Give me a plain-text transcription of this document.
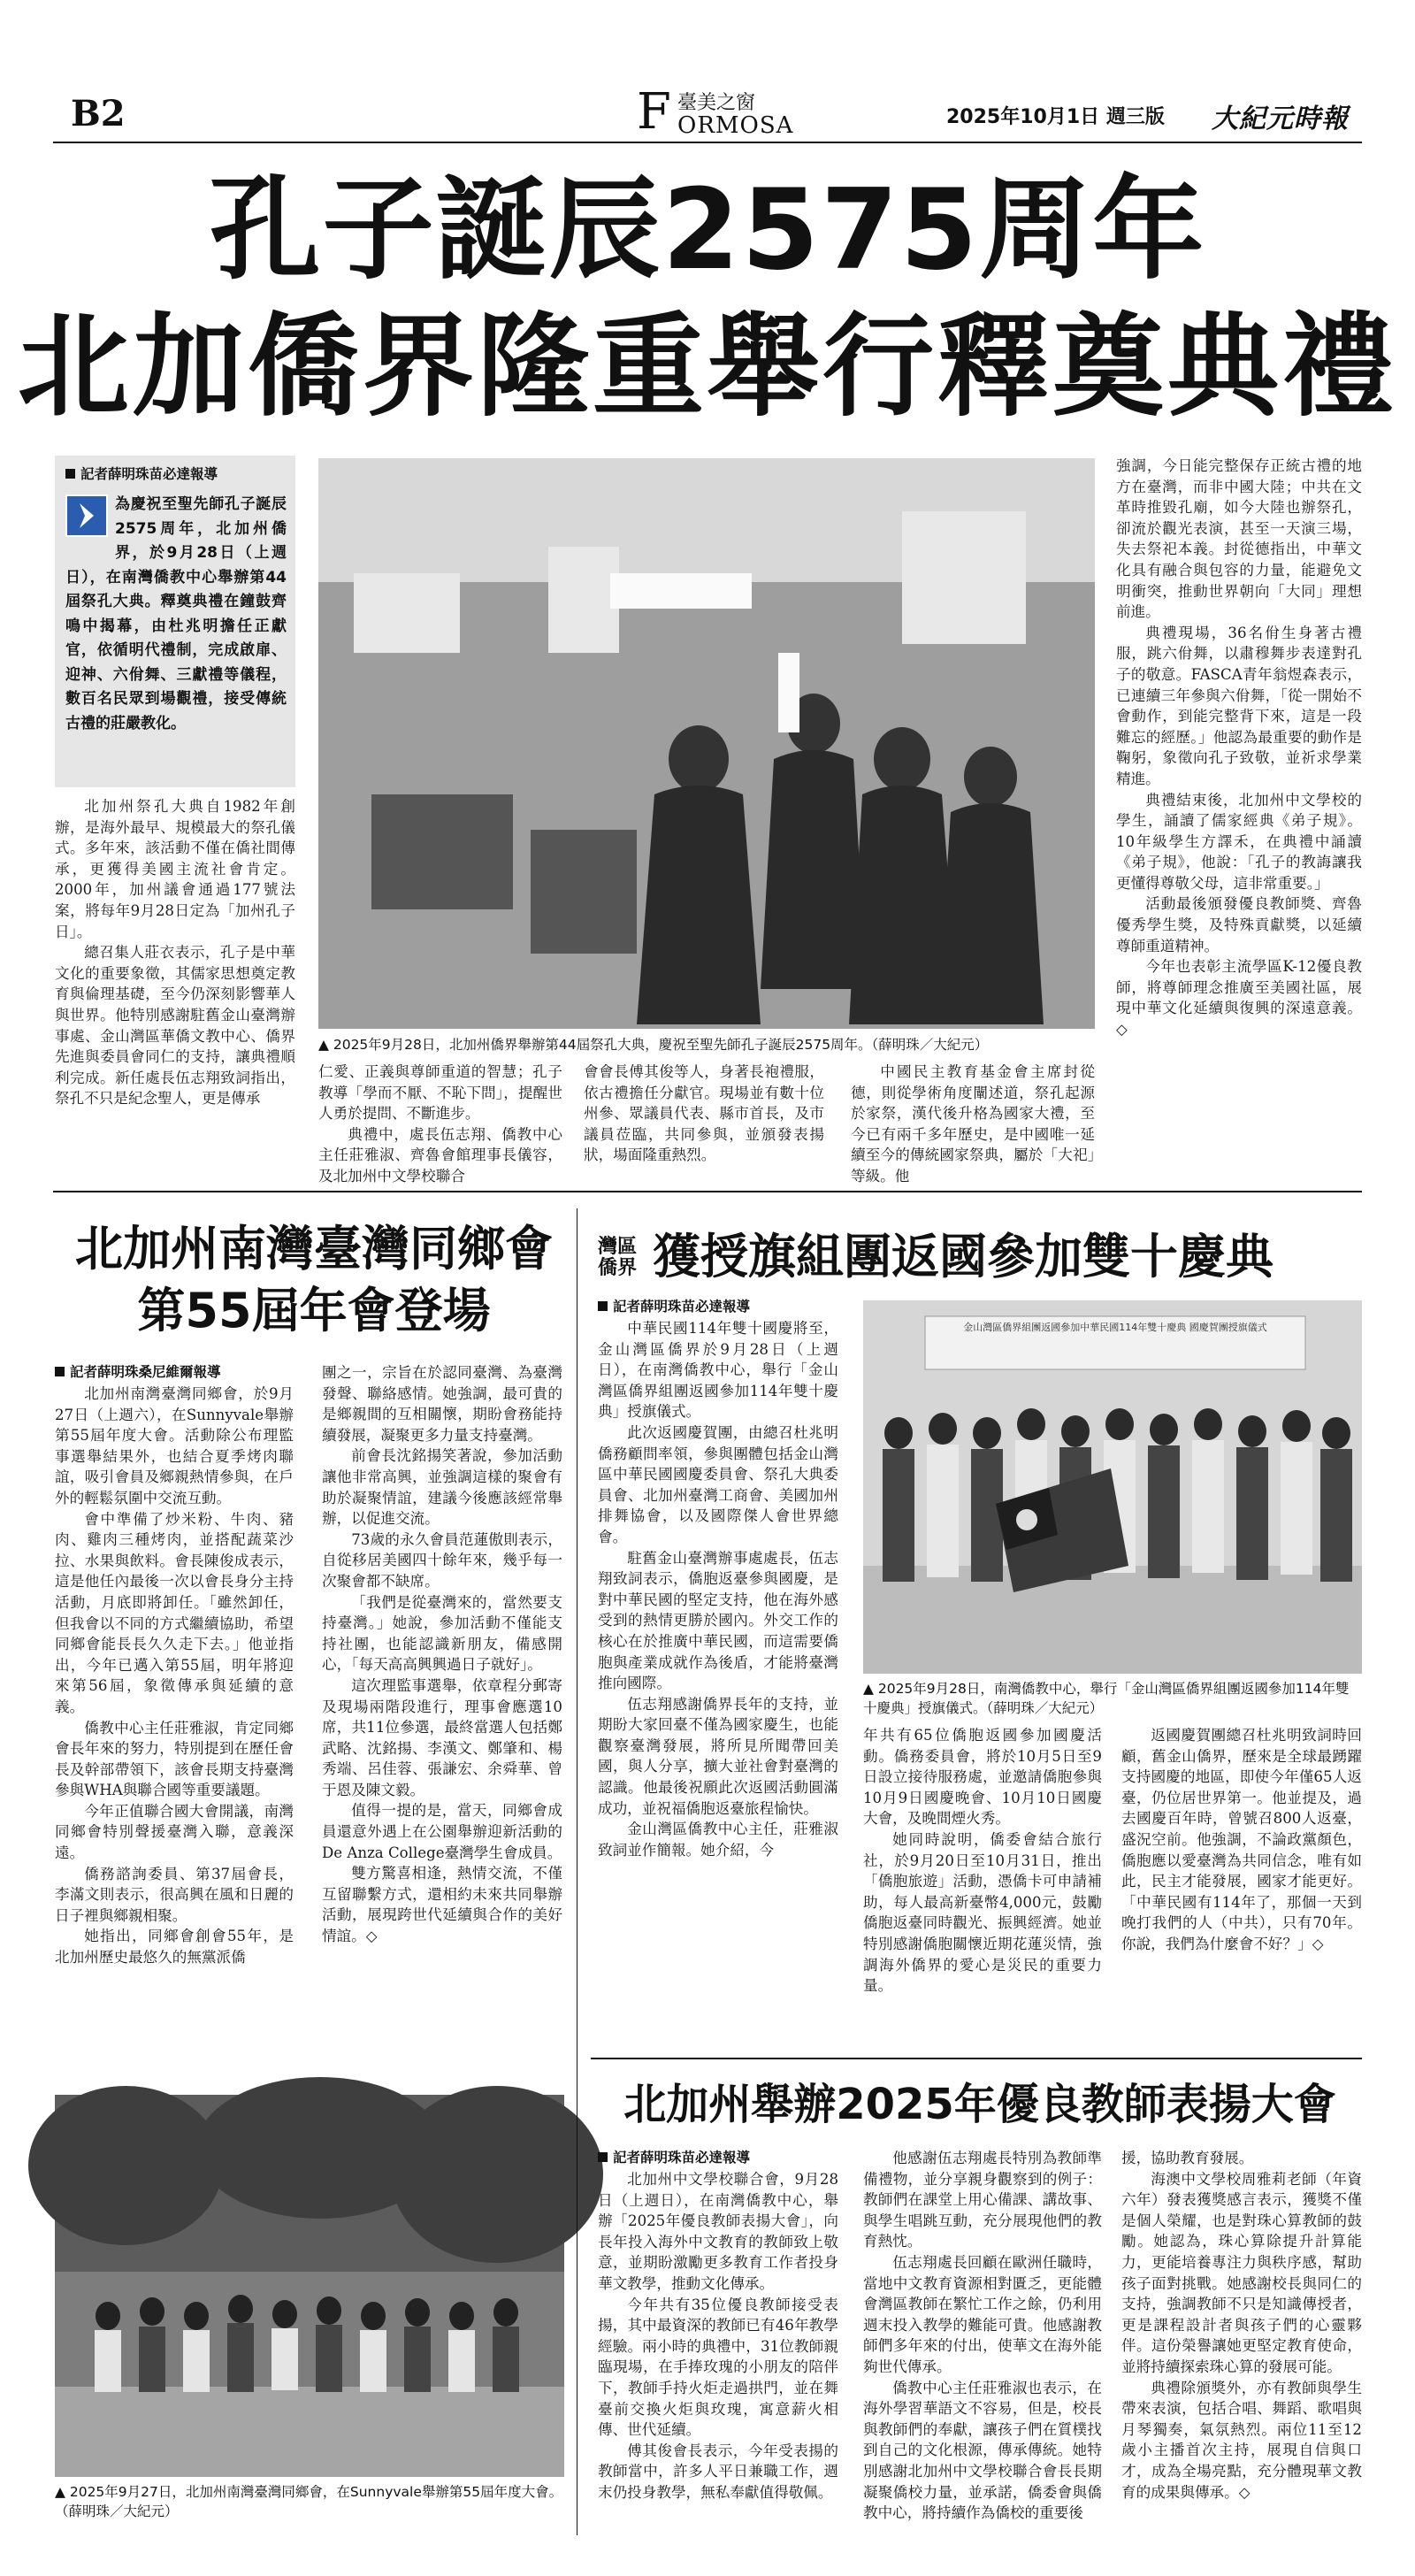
B2	F 臺美之窗
ORMOSA	2025年10月1日 週三版 大紀元時報
孔子誕辰2575周年
北加僑界隆重舉行釋奠典禮
記者薛明珠苗必達報導
為慶祝至聖先師孔子誕辰2575周年，北加州僑界，於9月28日（上週日），在南灣僑教中心舉辦第44屆祭孔大典。釋奠典禮在鐘鼓齊鳴中揭幕，由杜兆明擔任正獻官，依循明代禮制，完成啟扉、迎神、六佾舞、三獻禮等儀程，數百名民眾到場觀禮，接受傳統古禮的莊嚴教化。

北加州祭孔大典自1982年創辦，是海外最早、規模最大的祭孔儀式。多年來，該活動不僅在僑社間傳承，更獲得美國主流社會肯定。2000年，加州議會通過177號法案，將每年9月28日定為「加州孔子日」。

總召集人莊衣表示，孔子是中華文化的重要象徵，其儒家思想奠定教育與倫理基礎，至今仍深刻影響華人與世界。他特別感謝駐舊金山臺灣辦事處、金山灣區華僑文教中心、僑界先進與委員會同仁的支持，讓典禮順利完成。新任處長伍志翔致詞指出，祭孔不只是紀念聖人，更是傳承

▲ 2025年9月28日，北加州僑界舉辦第44屆祭孔大典，慶祝至聖先師孔子誕辰2575周年。（薛明珠／大紀元）

仁愛、正義與尊師重道的智慧；孔子教導「學而不厭、不恥下問」，提醒世人勇於提問、不斷進步。

典禮中，處長伍志翔、僑教中心主任莊雅淑、齊魯會館理事長儀容，及北加州中文學校聯合

會會長傅其俊等人，身著長袍禮服，依古禮擔任分獻官。現場並有數十位州參、眾議員代表、縣市首長，及市議員莅臨，共同參與，並頒發表揚狀，場面隆重熱烈。

中國民主教育基金會主席封從德，則從學術角度闡述道，祭孔起源於家祭，漢代後升格為國家大禮，至今已有兩千多年歷史，是中國唯一延續至今的傳統國家祭典，屬於「大祀」等級。他

強調，今日能完整保存正統古禮的地方在臺灣，而非中國大陸；中共在文革時推毀孔廟，如今大陸也辦祭孔，卻流於觀光表演，甚至一天演三場，失去祭祀本義。封從德指出，中華文化具有融合與包容的力量，能避免文明衝突，推動世界朝向「大同」理想前進。

典禮現場，36名佾生身著古禮服，跳六佾舞，以肅穆舞步表達對孔子的敬意。FASCA青年翁煜森表示，已連續三年參與六佾舞，「從一開始不會動作，到能完整背下來，這是一段難忘的經歷。」他認為最重要的動作是鞠躬，象徵向孔子致敬，並祈求學業精進。

典禮結束後，北加州中文學校的學生，誦讀了儒家經典《弟子規》。10年級學生方譯禾，在典禮中誦讀《弟子規》，他說：「孔子的教誨讓我更懂得尊敬父母，這非常重要。」

活動最後頒發優良教師獎、齊魯優秀學生獎，及特殊貢獻獎，以延續尊師重道精神。

今年也表彰主流學區K-12優良教師，將尊師理念推廣至美國社區，展現中華文化延續與復興的深遠意義。◇

北加州南灣臺灣同鄉會
第55屆年會登場
記者薛明珠桑尼維爾報導

北加州南灣臺灣同鄉會，於9月27日（上週六），在Sunnyvale舉辦第55屆年度大會。活動除公布理監事選舉結果外，也結合夏季烤肉聯誼，吸引會員及鄉親熱情參與，在戶外的輕鬆氛圍中交流互動。

會中準備了炒米粉、牛肉、豬肉、雞肉三種烤肉，並搭配蔬菜沙拉、水果與飲料。會長陳俊成表示，這是他任內最後一次以會長身分主持活動，月底即將卸任。「雖然卸任，但我會以不同的方式繼續協助，希望同鄉會能長長久久走下去。」他並指出，今年已邁入第55屆，明年將迎來第56屆，象徵傳承與延續的意義。

僑教中心主任莊雅淑，肯定同鄉會長年來的努力，特別提到在歷任會長及幹部帶領下，該會長期支持臺灣參與WHA與聯合國等重要議題。

今年正值聯合國大會開議，南灣同鄉會特別聲援臺灣入聯，意義深遠。

僑務諮詢委員、第37屆會長，李滿文則表示，很高興在風和日麗的日子裡與鄉親相聚。

她指出，同鄉會創會55年，是北加州歷史最悠久的無黨派僑

團之一，宗旨在於認同臺灣、為臺灣發聲、聯絡感情。她強調，最可貴的是鄉親間的互相關懷，期盼會務能持續發展，凝聚更多力量支持臺灣。

前會長沈銘揚笑著說，參加活動讓他非常高興，並強調這樣的聚會有助於凝聚情誼，建議今後應該經常舉辦，以促進交流。

73歲的永久會員范蓮傲則表示，自從移居美國四十餘年來，幾乎每一次聚會都不缺席。

「我們是從臺灣來的，當然要支持臺灣。」她說，參加活動不僅能支持社團，也能認識新朋友，備感開心，「每天高高興興過日子就好」。

這次理監事選舉，依章程分郵寄及現場兩階段進行，理事會應選10席，共11位參選，最終當選人包括鄭武略、沈銘揚、李漢文、鄭肇和、楊秀端、呂佳蓉、張謙宏、余舜華、曾于恩及陳文毅。

值得一提的是，當天，同鄉會成員還意外遇上在公園舉辦迎新活動的De Anza College臺灣學生會成員。

雙方驚喜相逢，熱情交流，不僅互留聯繫方式，還相約未來共同舉辦活動，展現跨世代延續與合作的美好情誼。◇

▲ 2025年9月27日，北加州南灣臺灣同鄉會，在Sunnyvale舉辦第55屆年度大會。（薛明珠／大紀元）
灣區
僑界 獲授旗組團返國參加雙十慶典
記者薛明珠苗必達報導

中華民國114年雙十國慶將至，金山灣區僑界於9月28日（上週日），在南灣僑教中心，舉行「金山灣區僑界組團返國參加114年雙十慶典」授旗儀式。

此次返國慶賀團，由總召杜兆明僑務顧問率領，參與團體包括金山灣區中華民國國慶委員會、祭孔大典委員會、北加州臺灣工商會、美國加州排舞協會，以及國際傑人會世界總會。

駐舊金山臺灣辦事處處長，伍志翔致詞表示，僑胞返臺參與國慶，是對中華民國的堅定支持，他在海外感受到的熱情更勝於國內。外交工作的核心在於推廣中華民國，而這需要僑胞與產業成就作為後盾，才能將臺灣推向國際。

伍志翔感謝僑界長年的支持，並期盼大家回臺不僅為國家慶生，也能觀察臺灣發展，將所見所聞帶回美國，與人分享，擴大並社會對臺灣的認識。他最後祝願此次返國活動圓滿成功，並祝福僑胞返臺旅程愉快。

金山灣區僑教中心主任，莊雅淑致詞並作簡報。她介紹，今

金山灣區僑界組團返國參加中華民國114年雙十慶典 國慶賀團授旗儀式
▲ 2025年9月28日，南灣僑教中心，舉行「金山灣區僑界組團返國參加114年雙十慶典」授旗儀式。（薛明珠／大紀元）

年共有65位僑胞返國參加國慶活動。僑務委員會，將於10月5日至9日設立接待服務處，並邀請僑胞參與10月9日國慶晚會、10月10日國慶大會，及晚間煙火秀。

她同時說明，僑委會結合旅行社，於9月20日至10月31日，推出「僑胞旅遊」活動，憑僑卡可申請補助，每人最高新臺幣4,000元，鼓勵僑胞返臺同時觀光、振興經濟。她並特別感謝僑胞關懷近期花蓮災情，強調海外僑界的愛心是災民的重要力量。

返國慶賀團總召杜兆明致詞時回顧，舊金山僑界，歷來是全球最踴躍支持國慶的地區，即使今年僅65人返臺，仍位居世界第一。他並提及，過去國慶百年時，曾號召800人返臺，盛況空前。他強調，不論政黨顏色，僑胞應以愛臺灣為共同信念，唯有如此，民主才能發展，國家才能更好。「中華民國有114年了，那個一天到晚打我們的人（中共），只有70年。你說，我們為什麼會不好？」◇

北加州舉辦2025年優良教師表揚大會
記者薛明珠苗必達報導

北加州中文學校聯合會，9月28日（上週日），在南灣僑教中心，舉辦「2025年優良教師表揚大會」，向長年投入海外中文教育的教師致上敬意，並期盼激勵更多教育工作者投身華文教學，推動文化傳承。

今年共有35位優良教師接受表揚，其中最資深的教師已有46年教學經驗。兩小時的典禮中，31位教師親臨現場，在手捧玫瑰的小朋友的陪伴下，教師手持火炬走過拱門，並在舞臺前交換火炬與玫瑰，寓意薪火相傳、世代延續。

傅其俊會長表示，今年受表揚的教師當中，許多人平日兼職工作，週末仍投身教學，無私奉獻值得敬佩。

他感謝伍志翔處長特別為教師準備禮物，並分享親身觀察到的例子：教師們在課堂上用心備課、講故事、與學生唱跳互動，充分展現他們的教育熱忱。

伍志翔處長回顧在歐洲任職時，當地中文教育資源相對匱乏，更能體會灣區教師在繁忙工作之餘，仍利用週末投入教學的難能可貴。他感謝教師們多年來的付出，使華文在海外能夠世代傳承。

僑教中心主任莊雅淑也表示，在海外學習華語文不容易，但是，校長與教師們的奉獻，讓孩子們在質樸找到自己的文化根源，傳承傳統。她特別感謝北加州中文學校聯合會長長期凝聚僑校力量，並承諾，僑委會與僑教中心，將持續作為僑校的重要後

援，協助教育發展。

海澳中文學校周雅莉老師（年資六年）發表獲獎感言表示，獲獎不僅是個人榮耀，也是對珠心算教師的鼓勵。她認為，珠心算除提升計算能力，更能培養專注力與秩序感，幫助孩子面對挑戰。她感謝校長與同仁的支持，強調教師不只是知識傳授者，更是課程設計者與孩子們的心靈夥伴。這份榮譽讓她更堅定教育使命，並將持續探索珠心算的發展可能。

典禮除頒獎外，亦有教師與學生帶來表演，包括合唱、舞蹈、歌唱與月琴獨奏，氣氛熱烈。兩位11至12歲小主播首次主持，展現自信與口才，成為全場亮點，充分體現華文教育的成果與傳承。◇
